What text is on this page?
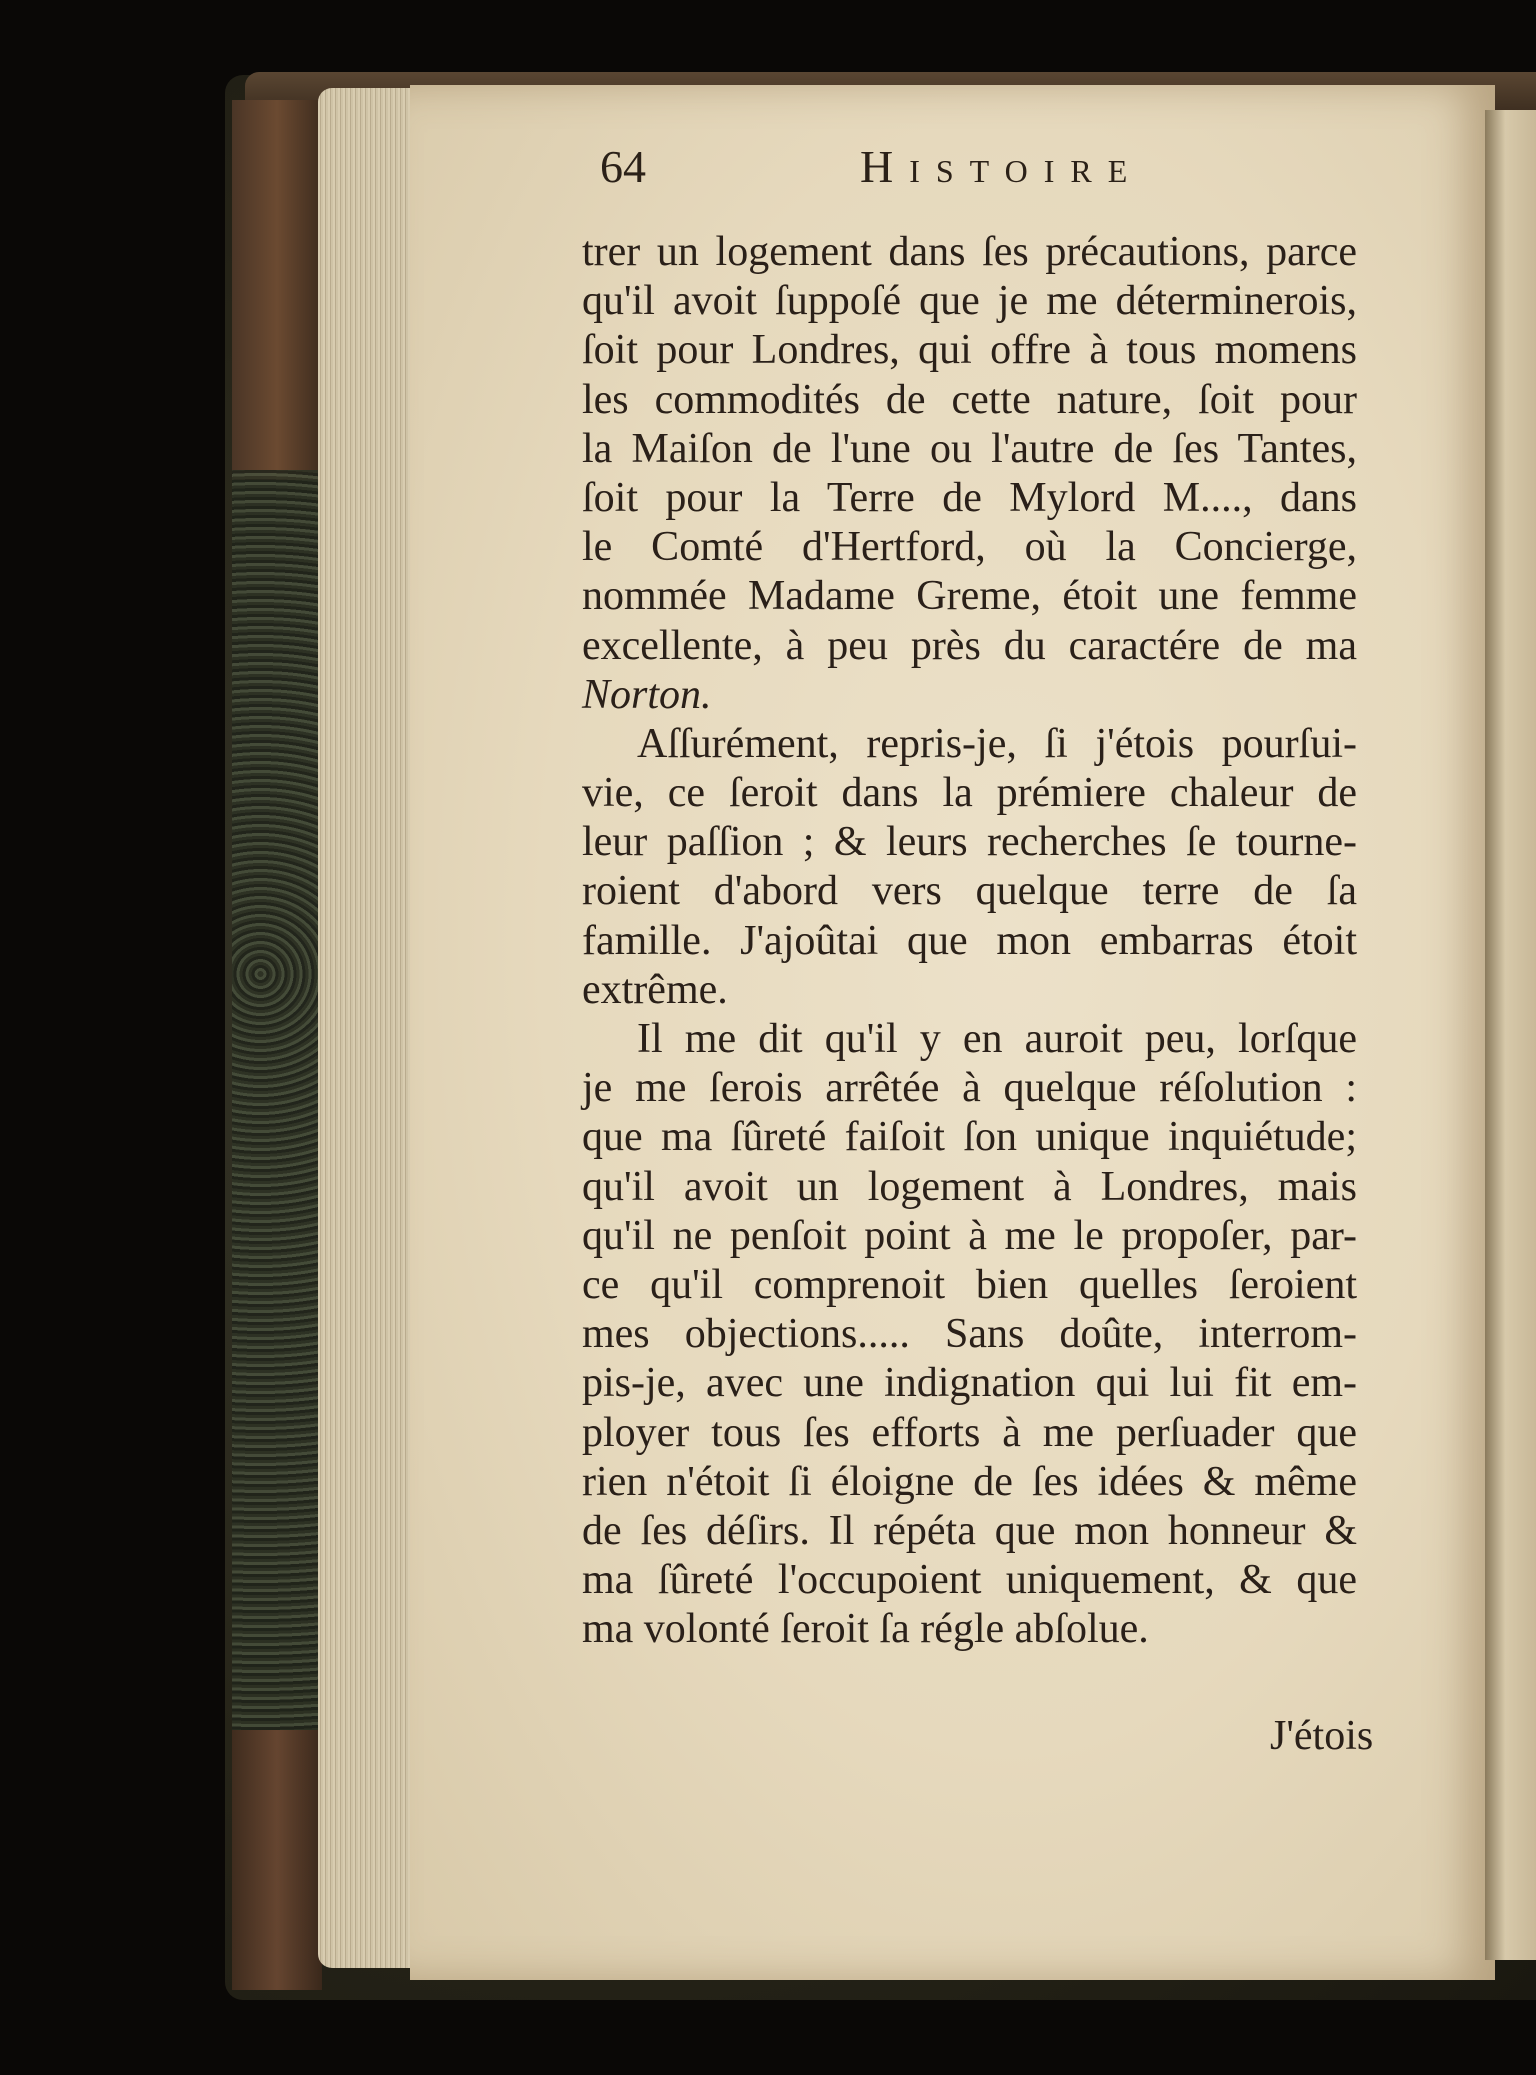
64	Histoire
trer un logement dans ſes précautions, parce
qu'il avoit ſuppoſé que je me déterminerois,
ſoit pour Londres, qui offre à tous momens
les commodités de cette nature, ſoit pour
la Maiſon de l'une ou l'autre de ſes Tantes,
ſoit pour la Terre de Mylord M...., dans
le Comté d'Hertford, où la Concierge,
nommée Madame Greme, étoit une femme
excellente, à peu près du caractére de ma
Norton.
Aſſurément, repris-je, ſi j'étois pourſui-
vie, ce ſeroit dans la prémiere chaleur de
leur paſſion ; & leurs recherches ſe tourne-
roient d'abord vers quelque terre de ſa
famille. J'ajoûtai que mon embarras étoit
extrême.
Il me dit qu'il y en auroit peu, lorſque
je me ſerois arrêtée à quelque réſolution :
que ma ſûreté faiſoit ſon unique inquiétude;
qu'il avoit un logement à Londres, mais
qu'il ne penſoit point à me le propoſer, par-
ce qu'il comprenoit bien quelles ſeroient
mes objections..... Sans doûte, interrom-
pis-je, avec une indignation qui lui fit em-
ployer tous ſes efforts à me perſuader que
rien n'étoit ſi éloigne de ſes idées & même
de ſes déſirs. Il répéta que mon honneur &
ma ſûreté l'occupoient uniquement, & que
ma volonté ſeroit ſa régle abſolue.
J'étois
